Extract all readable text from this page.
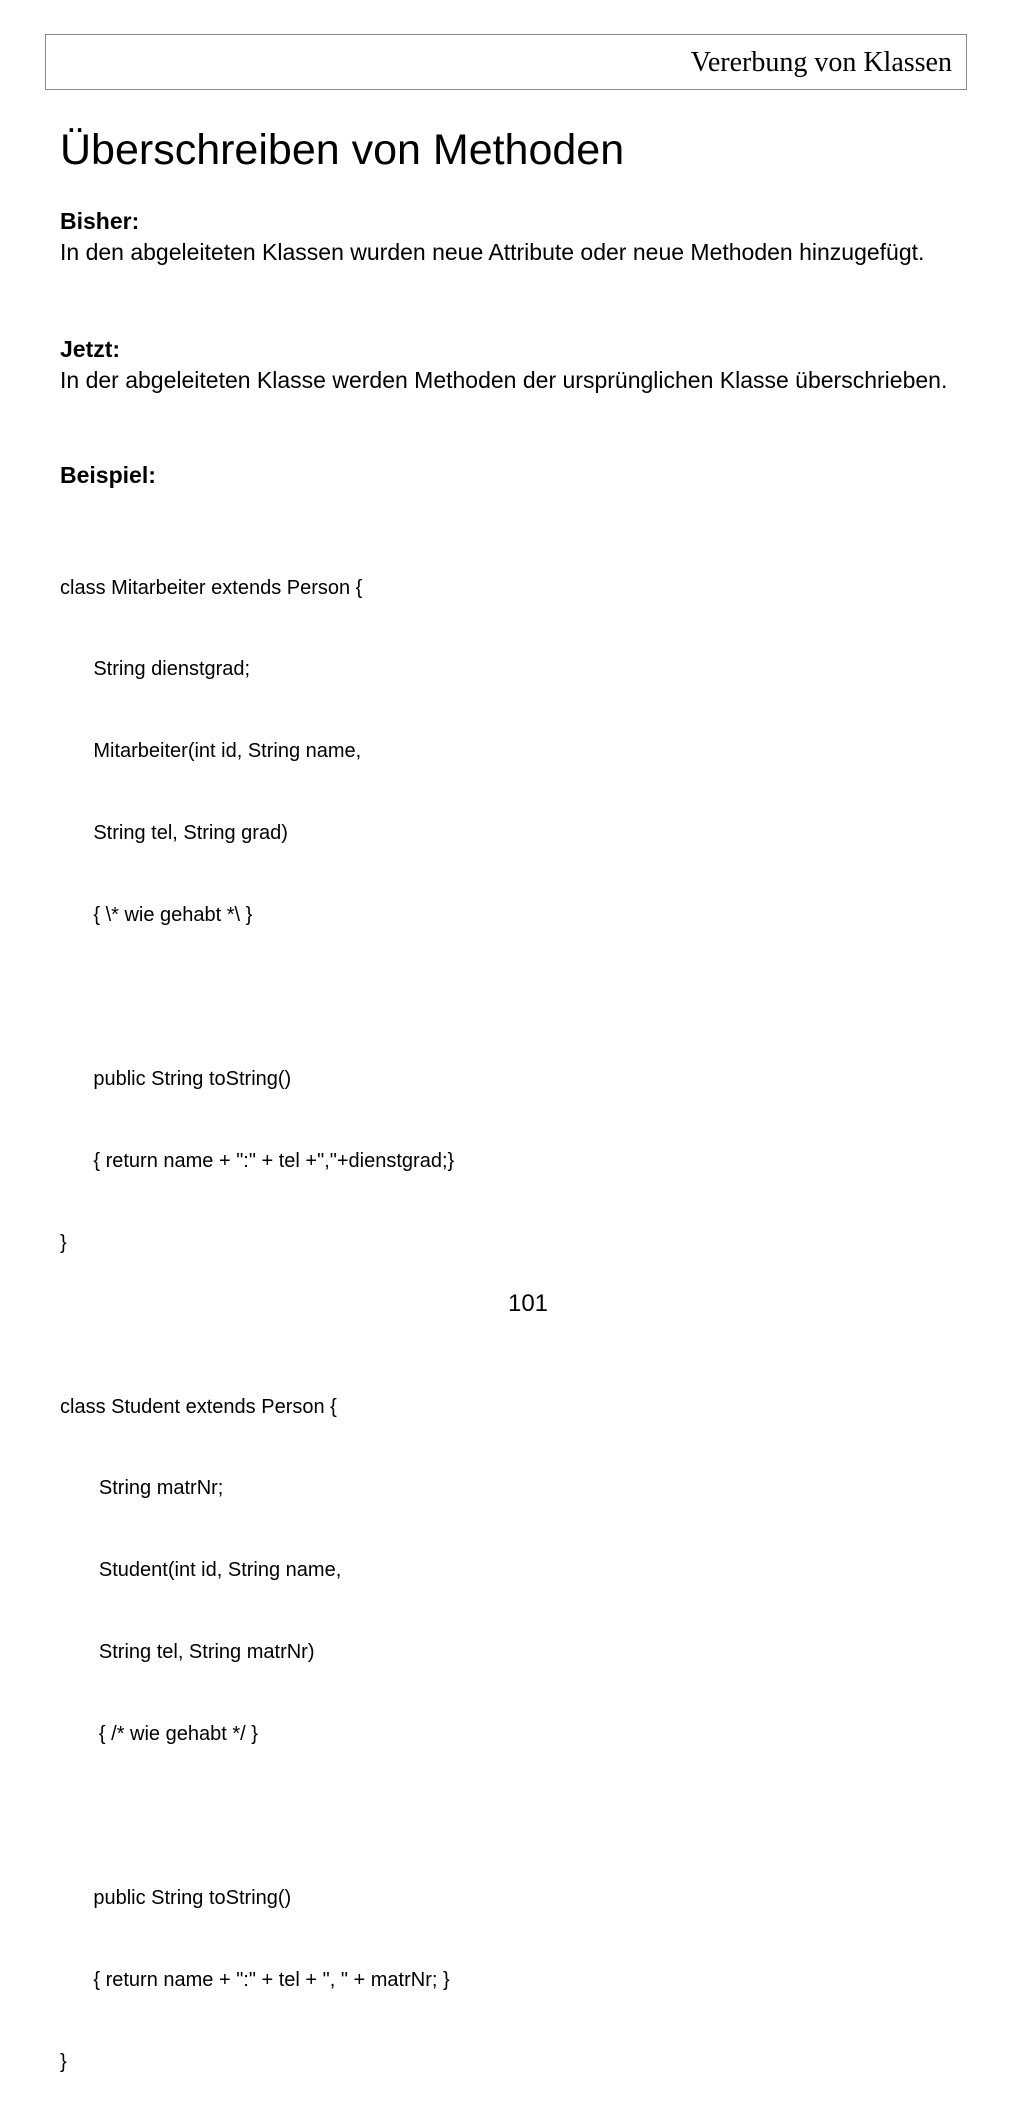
Vererbung von Klassen
Überschreiben von Methoden
Bisher:
In den abgeleiteten Klassen wurden neue Attribute oder neue Methoden hinzugefügt.
Jetzt:
In der abgeleiteten Klasse werden Methoden der ursprünglichen Klasse überschrieben.
Beispiel:

class Mitarbeiter extends Person {

String dienstgrad;

Mitarbeiter(int id, String name,

String tel, String grad)

{ \* wie gehabt *\ }

public String toString()

{ return name + ":" + tel +","+dienstgrad;}

}

class Student extends Person {

String matrNr;

Student(int id, String name,

String tel, String matrNr)

{ /* wie gehabt */ }

public String toString()

{ return name + ":" + tel + ", " + matrNr; }

}

101
